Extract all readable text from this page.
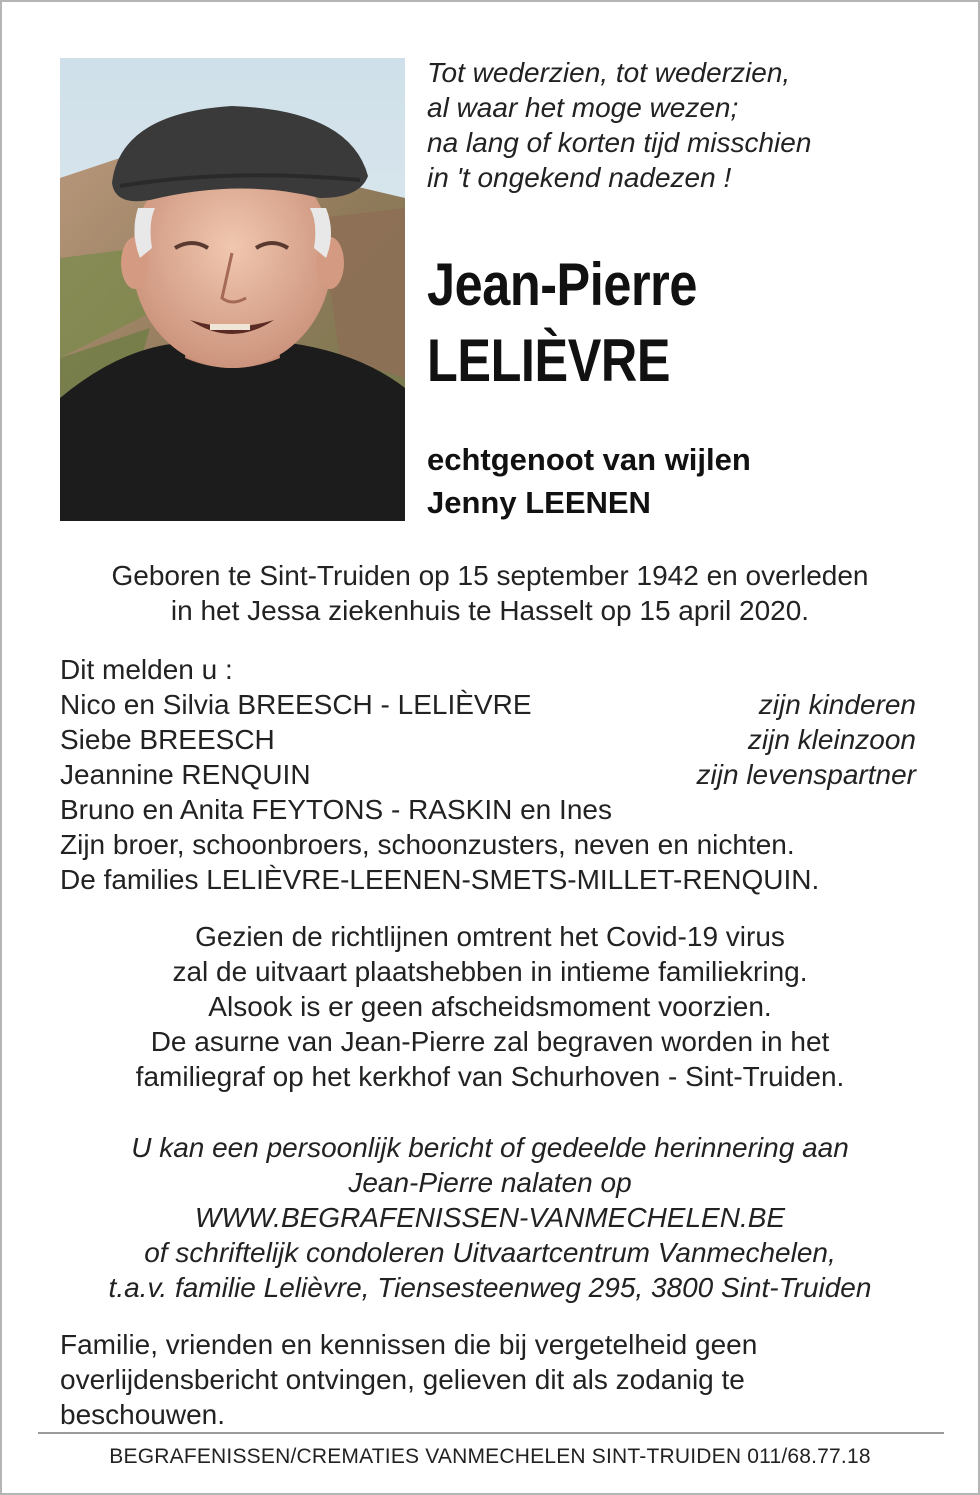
Tot wederzien, tot wederzien,
al waar het moge wezen;
na lang of korten tijd misschien
in 't ongekend nadezen !
Jean-Pierre
LELIÈVRE
echtgenoot van wijlen
Jenny LEENEN
Geboren te Sint-Truiden op 15 september 1942 en overleden
in het Jessa ziekenhuis te Hasselt op 15 april 2020.
Dit melden u :
Nico en Silvia BREESCH - LELIÈVRE	zijn kinderen
Siebe BREESCH	zijn kleinzoon
Jeannine RENQUIN	zijn levenspartner
Bruno en Anita FEYTONS - RASKIN en Ines
Zijn broer, schoonbroers, schoonzusters, neven en nichten.
De families LELIÈVRE-LEENEN-SMETS-MILLET-RENQUIN.
Gezien de richtlijnen omtrent het Covid-19 virus
zal de uitvaart plaatshebben in intieme familiekring.
Alsook is er geen afscheidsmoment voorzien.
De asurne van Jean-Pierre zal begraven worden in het
familiegraf op het kerkhof van Schurhoven - Sint-Truiden.
U kan een persoonlijk bericht of gedeelde herinnering aan
Jean-Pierre nalaten op
WWW.BEGRAFENISSEN-VANMECHELEN.BE
of schriftelijk condoleren Uitvaartcentrum Vanmechelen,
t.a.v. familie Lelièvre, Tiensesteenweg 295, 3800 Sint-Truiden
Familie, vrienden en kennissen die bij vergetelheid geen
overlijdensbericht ontvingen, gelieven dit als zodanig te
beschouwen.
BEGRAFENISSEN/CREMATIES VANMECHELEN SINT-TRUIDEN 011/68.77.18
